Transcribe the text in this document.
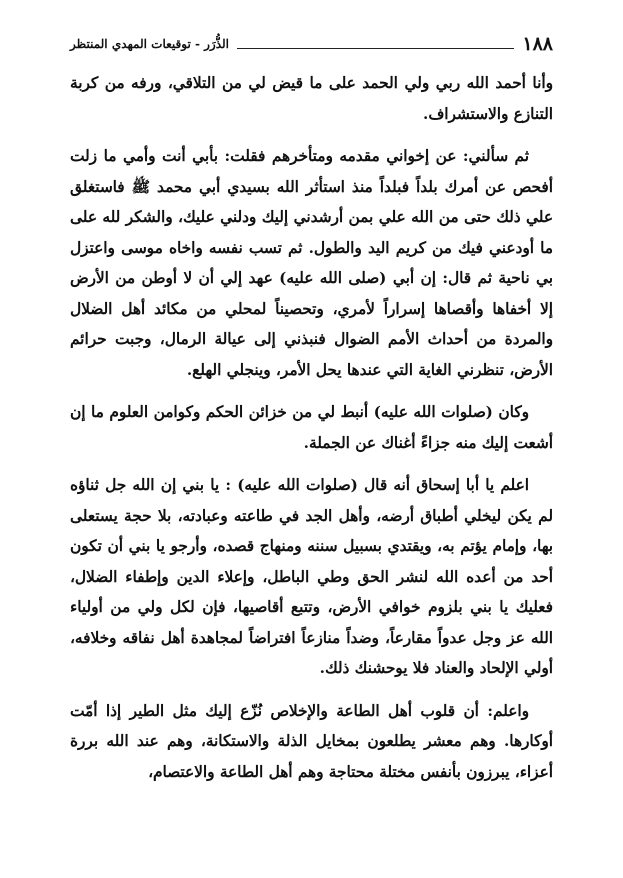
١٨٨
الذُّرَر - توقيعات المهدي المنتظر

وأنا أحمد الله ربي ولي الحمد على ما قيض لي من التلاقي، ورفه من كربة التنازع والاستشراف.

ثم سألني: عن إخواني مقدمه ومتأخرهم فقلت: بأبي أنت وأمي ما زلت أفحص عن أمرك بلداً فبلداً منذ استأثر الله بسيدي أبي محمد ﷺ فاستغلق علي ذلك حتى من الله علي بمن أرشدني إليك ودلني عليك، والشكر لله على ما أودعني فيك من كريم اليد والطول. ثم تسب نفسه واخاه موسى واعتزل بي ناحية ثم قال: إن أبي (صلى الله عليه) عهد إلي أن لا أوطن من الأرض إلا أخفاها وأقصاها إسراراً لأمري، وتحصيناً لمحلي من مكائد أهل الضلال والمردة من أحداث الأمم الضوال فنبذني إلى عيالة الرمال، وجبت حرائم الأرض، تنظرني الغاية التي عندها يحل الأمر، وينجلي الهلع.

وكان (صلوات الله عليه) أنبط لي من خزائن الحكم وكوامن العلوم ما إن أشعت إليك منه جزاءً أغناك عن الجملة.

اعلم يا أبا إسحاق أنه قال (صلوات الله عليه) : يا بني إن الله جل ثناؤه لم يكن ليخلي أطباق أرضه، وأهل الجد في طاعته وعبادته، بلا حجة يستعلى بها، وإمام يؤتم به، ويقتدي بسبيل سننه ومنهاج قصده، وأرجو يا بني أن تكون أحد من أعده الله لنشر الحق وطي الباطل، وإعلاء الدين وإطفاء الضلال، فعليك يا بني بلزوم خوافي الأرض، وتتبع أقاصيها، فإن لكل ولي من أولياء الله عز وجل عدواً مقارعاً، وضداً منازعاً افتراضاً لمجاهدة أهل نفاقه وخلافه، أولي الإلحاد والعناد فلا يوحشنك ذلك.

واعلم: أن قلوب أهل الطاعة والإخلاص نُزّع إليك مثل الطير إذا أمّت أوكارها. وهم معشر يطلعون بمخايل الذلة والاستكانة، وهم عند الله بررة أعزاء، يبرزون بأنفس مختلة محتاجة وهم أهل الطاعة والاعتصام،
